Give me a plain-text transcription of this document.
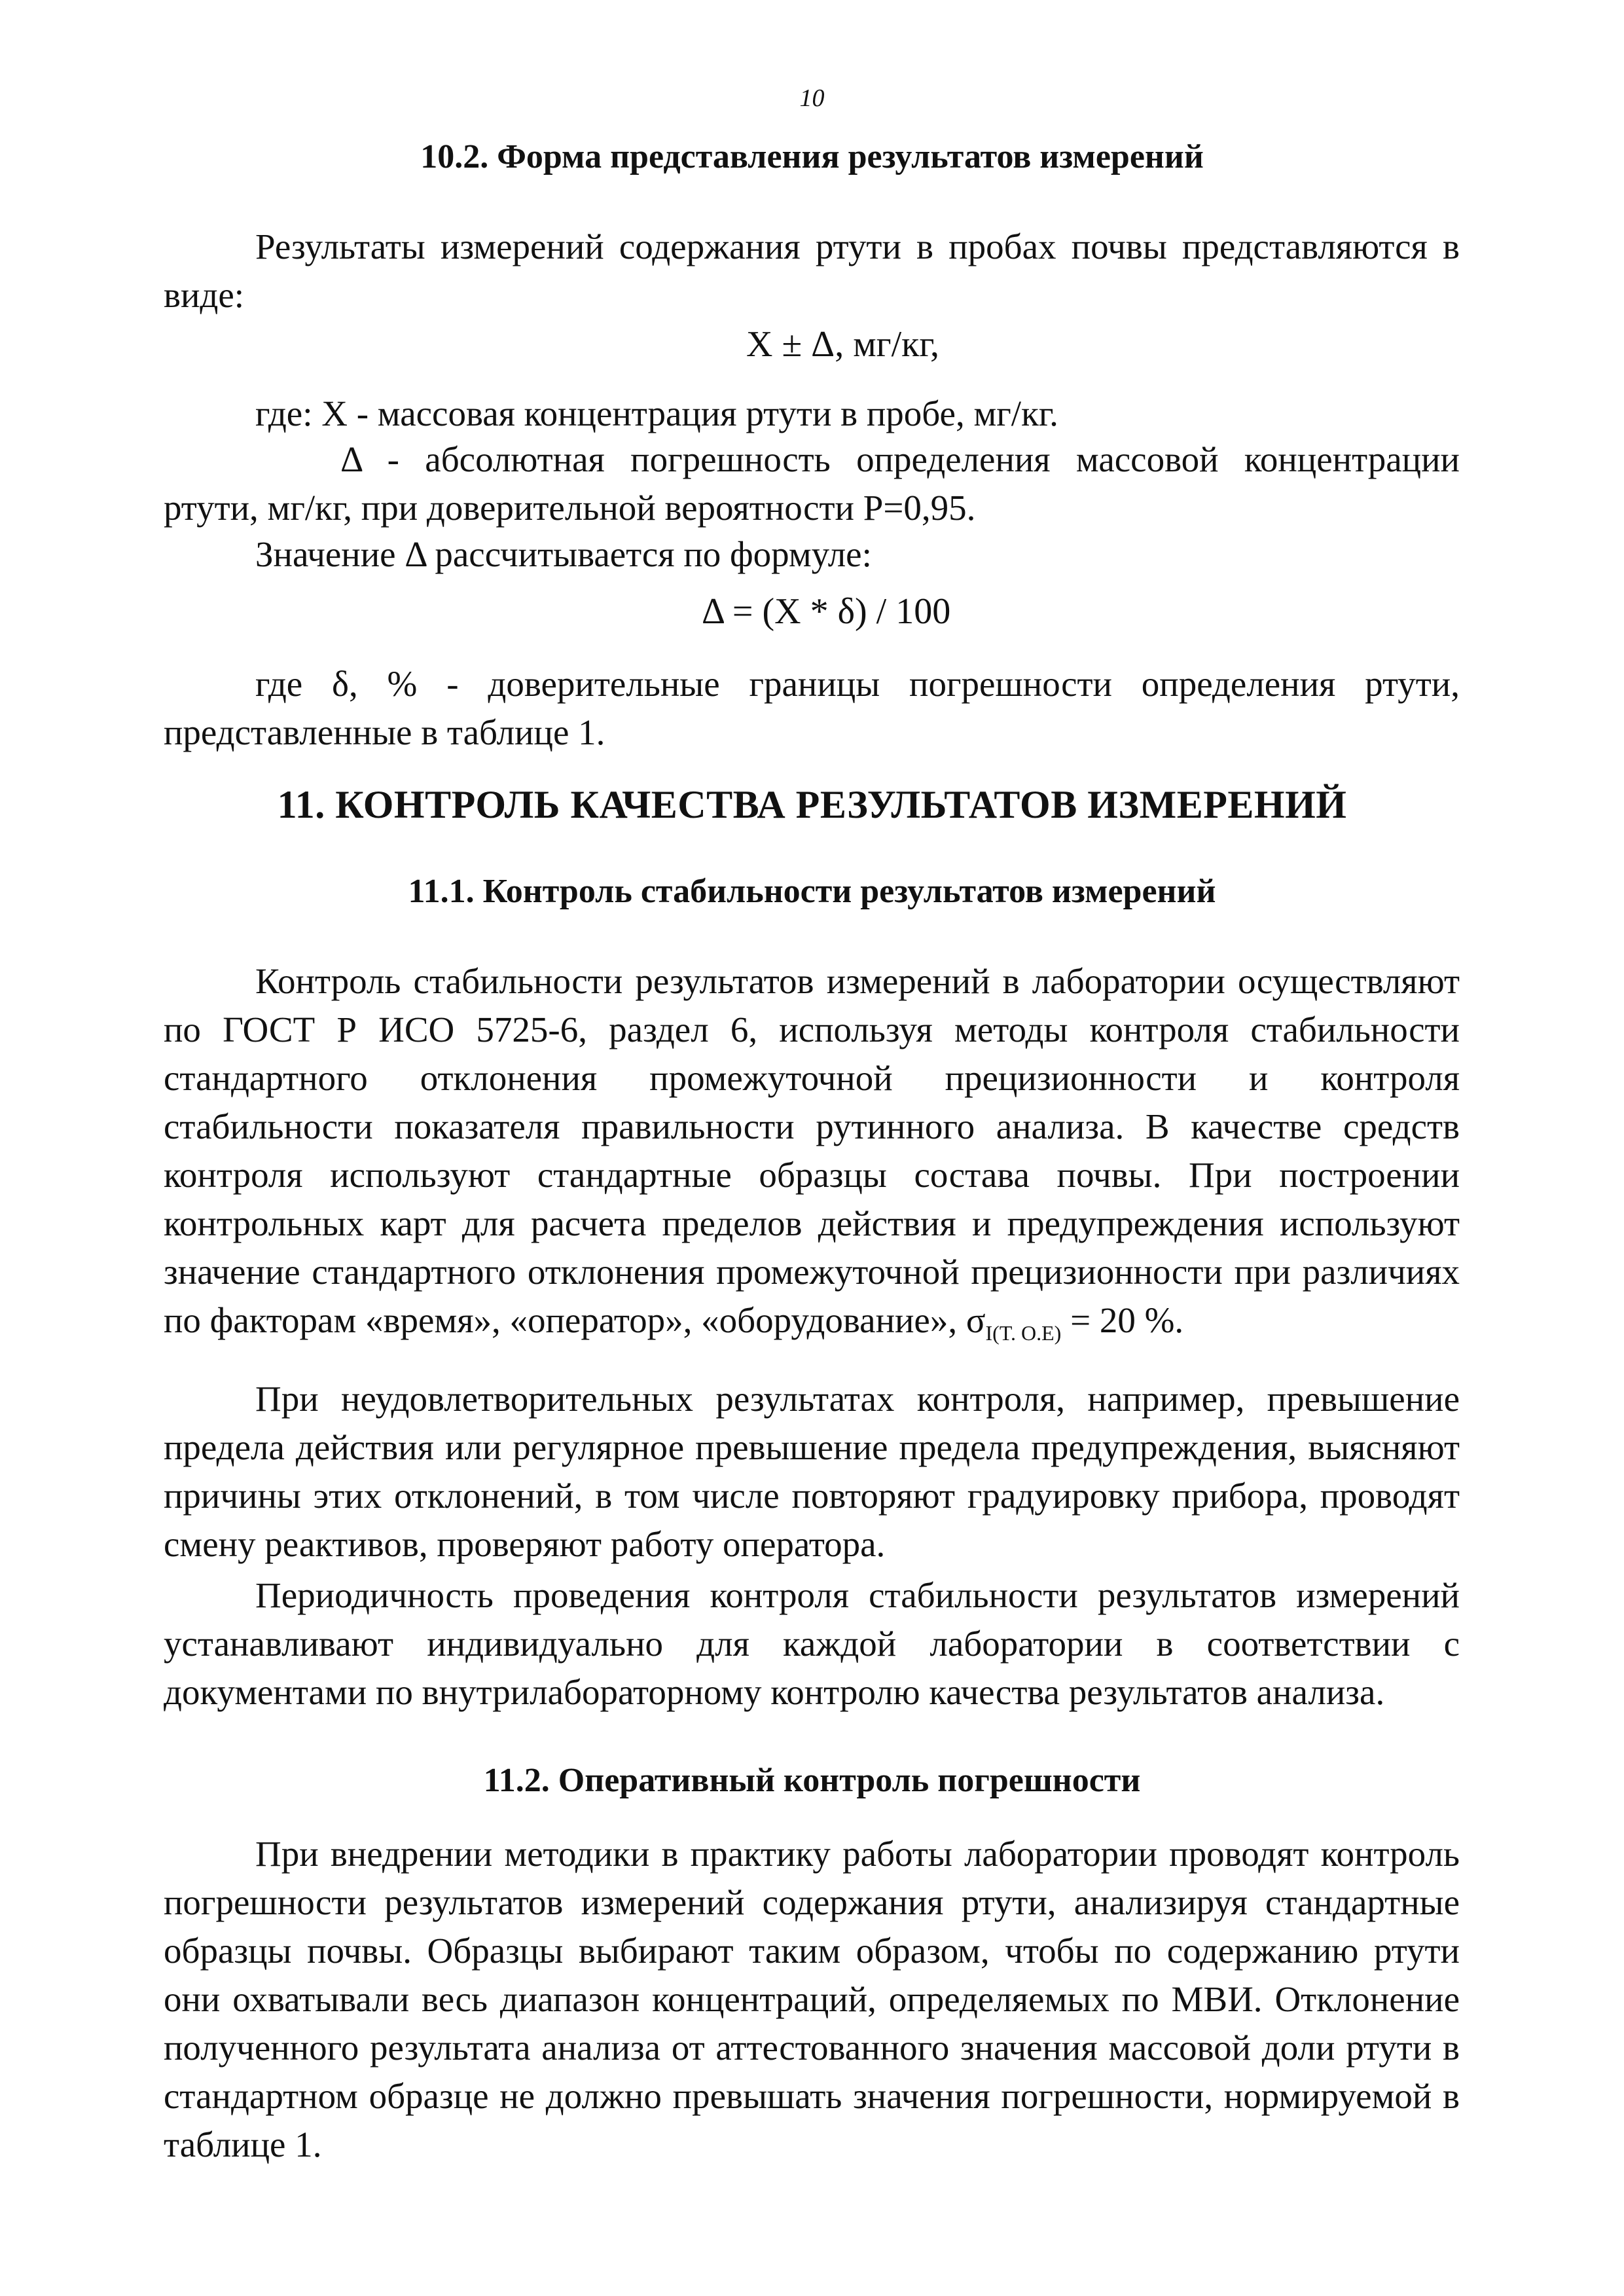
10
10.2. Форма представления результатов измерений
Результаты измерений содержания ртути в пробах почвы представляются в виде:
X ± Δ, мг/кг,
где: X - массовая концентрация ртути в пробе, мг/кг.
Δ - абсолютная погрешность определения массовой концентрации ртути, мг/кг, при доверительной вероятности P=0,95.
Значение Δ рассчитывается по формуле:
Δ = (X * δ) / 100
где δ, % - доверительные границы погрешности определения ртути, представленные в таблице 1.
11. КОНТРОЛЬ КАЧЕСТВА РЕЗУЛЬТАТОВ ИЗМЕРЕНИЙ
11.1. Контроль стабильности результатов измерений
Контроль стабильности результатов измерений в лаборатории осуществляют по ГОСТ Р ИСО 5725-6, раздел 6, используя методы контроля стабильности стандартного отклонения промежуточной прецизионности и контроля стабильности показателя правильности рутинного анализа. В качестве средств контроля используют стандартные образцы состава почвы. При построении контрольных карт для расчета пределов действия и предупреждения используют значение стандартного отклонения промежуточной прецизионности при различиях по факторам «время», «оператор», «оборудование», $\sigma_{I(T. O.E)} = 20$ %.
При неудовлетворительных результатах контроля, например, превышение предела действия или регулярное превышение предела предупреждения, выясняют причины этих отклонений, в том числе повторяют градуировку прибора, проводят смену реактивов, проверяют работу оператора.
Периодичность проведения контроля стабильности результатов измерений устанавливают индивидуально для каждой лаборатории в соответствии с документами по внутрилабораторному контролю качества результатов анализа.
11.2. Оперативный контроль погрешности
При внедрении методики в практику работы лаборатории проводят контроль погрешности результатов измерений содержания ртути, анализируя стандартные образцы почвы. Образцы выбирают таким образом, чтобы по содержанию ртути они охватывали весь диапазон концентраций, определяемых по МВИ. Отклонение полученного результата анализа от аттестованного значения массовой доли ртути в стандартном образце не должно превышать значения погрешности, нормируемой в таблице 1.
